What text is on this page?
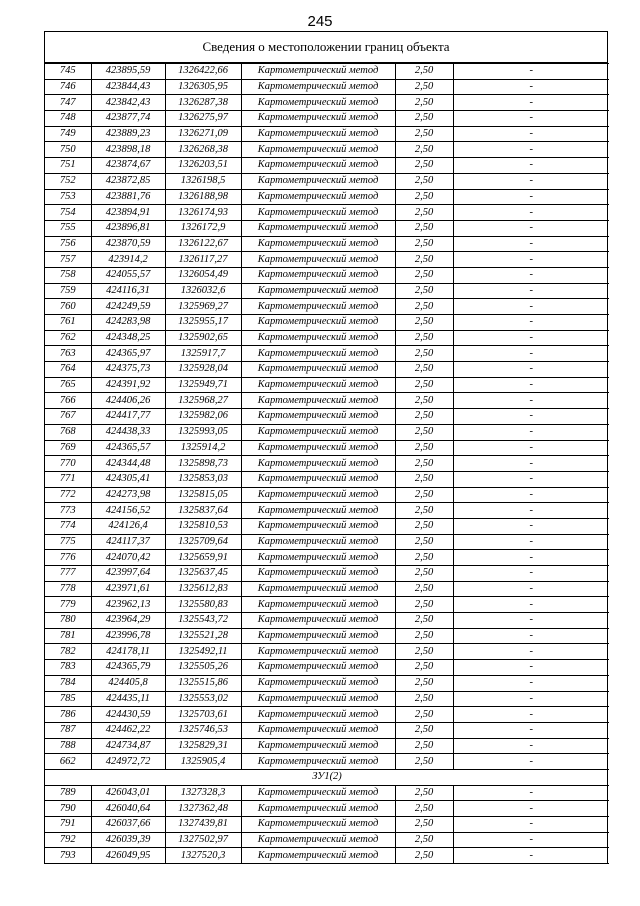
245
Сведения о местоположении границ объекта
745	423895,59	1326422,66	Картометрический метод	2,50	-
746	423844,43	1326305,95	Картометрический метод	2,50	-
747	423842,43	1326287,38	Картометрический метод	2,50	-
748	423877,74	1326275,97	Картометрический метод	2,50	-
749	423889,23	1326271,09	Картометрический метод	2,50	-
750	423898,18	1326268,38	Картометрический метод	2,50	-
751	423874,67	1326203,51	Картометрический метод	2,50	-
752	423872,85	1326198,5	Картометрический метод	2,50	-
753	423881,76	1326188,98	Картометрический метод	2,50	-
754	423894,91	1326174,93	Картометрический метод	2,50	-
755	423896,81	1326172,9	Картометрический метод	2,50	-
756	423870,59	1326122,67	Картометрический метод	2,50	-
757	423914,2	1326117,27	Картометрический метод	2,50	-
758	424055,57	1326054,49	Картометрический метод	2,50	-
759	424116,31	1326032,6	Картометрический метод	2,50	-
760	424249,59	1325969,27	Картометрический метод	2,50	-
761	424283,98	1325955,17	Картометрический метод	2,50	-
762	424348,25	1325902,65	Картометрический метод	2,50	-
763	424365,97	1325917,7	Картометрический метод	2,50	-
764	424375,73	1325928,04	Картометрический метод	2,50	-
765	424391,92	1325949,71	Картометрический метод	2,50	-
766	424406,26	1325968,27	Картометрический метод	2,50	-
767	424417,77	1325982,06	Картометрический метод	2,50	-
768	424438,33	1325993,05	Картометрический метод	2,50	-
769	424365,57	1325914,2	Картометрический метод	2,50	-
770	424344,48	1325898,73	Картометрический метод	2,50	-
771	424305,41	1325853,03	Картометрический метод	2,50	-
772	424273,98	1325815,05	Картометрический метод	2,50	-
773	424156,52	1325837,64	Картометрический метод	2,50	-
774	424126,4	1325810,53	Картометрический метод	2,50	-
775	424117,37	1325709,64	Картометрический метод	2,50	-
776	424070,42	1325659,91	Картометрический метод	2,50	-
777	423997,64	1325637,45	Картометрический метод	2,50	-
778	423971,61	1325612,83	Картометрический метод	2,50	-
779	423962,13	1325580,83	Картометрический метод	2,50	-
780	423964,29	1325543,72	Картометрический метод	2,50	-
781	423996,78	1325521,28	Картометрический метод	2,50	-
782	424178,11	1325492,11	Картометрический метод	2,50	-
783	424365,79	1325505,26	Картометрический метод	2,50	-
784	424405,8	1325515,86	Картометрический метод	2,50	-
785	424435,11	1325553,02	Картометрический метод	2,50	-
786	424430,59	1325703,61	Картометрический метод	2,50	-
787	424462,22	1325746,53	Картометрический метод	2,50	-
788	424734,87	1325829,31	Картометрический метод	2,50	-
662	424972,72	1325905,4	Картометрический метод	2,50	-
ЗУ1(2)					
789	426043,01	1327328,3	Картометрический метод	2,50	-
790	426040,64	1327362,48	Картометрический метод	2,50	-
791	426037,66	1327439,81	Картометрический метод	2,50	-
792	426039,39	1327502,97	Картометрический метод	2,50	-
793	426049,95	1327520,3	Картометрический метод	2,50	-
